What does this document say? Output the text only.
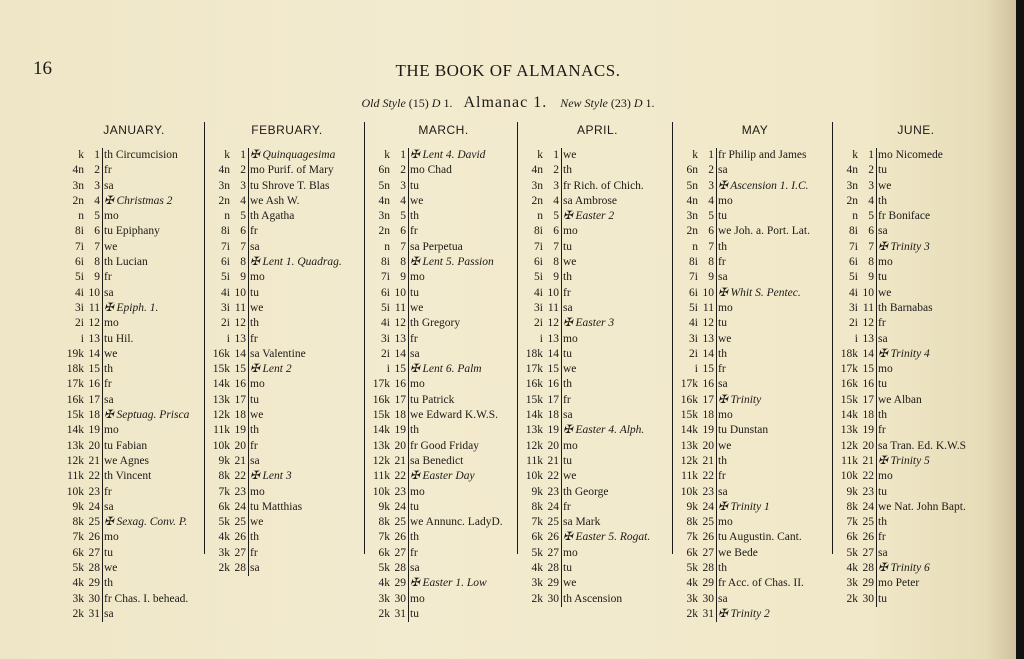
16	THE BOOK OF ALMANACS.
Old Style (15) D 1. Almanac 1. New Style (23) D 1.
JANUARY.
k 1 th Circumcision
4n 2 fr
3n 3 sa
2n 4 ✠ Christmas 2
n 5 mo
8i 6 tu Epiphany
7i 7 we
6i 8 th Lucian
5i 9 fr
4i 10 sa
3i 11 ✠ Epiph. 1.
2i 12 mo
i 13 tu Hil.
19k 14 we
18k 15 th
17k 16 fr
16k 17 sa
15k 18 ✠ Septuag. Prisca
14k 19 mo
13k 20 tu Fabian
12k 21 we Agnes
11k 22 th Vincent
10k 23 fr
9k 24 sa
8k 25 ✠ Sexag. Conv. P.
7k 26 mo
6k 27 tu
5k 28 we
4k 29 th
3k 30 fr Chas. I. behead.
2k 31 sa
FEBRUARY.
k 1 ✠ Quinquagesima
4n 2 mo Purif. of Mary
3n 3 tu Shrove T. Blas
2n 4 we Ash W.
n 5 th Agatha
8i 6 fr
7i 7 sa
6i 8 ✠ Lent 1. Quadrag.
5i 9 mo
4i 10 tu
3i 11 we
2i 12 th
i 13 fr
16k 14 sa Valentine
15k 15 ✠ Lent 2
14k 16 mo
13k 17 tu
12k 18 we
11k 19 th
10k 20 fr
9k 21 sa
8k 22 ✠ Lent 3
7k 23 mo
6k 24 tu Matthias
5k 25 we
4k 26 th
3k 27 fr
2k 28 sa
MARCH.
k 1 ✠ Lent 4. David
6n 2 mo Chad
5n 3 tu
4n 4 we
3n 5 th
2n 6 fr
n 7 sa Perpetua
8i 8 ✠ Lent 5. Passion
7i 9 mo
6i 10 tu
5i 11 we
4i 12 th Gregory
3i 13 fr
2i 14 sa
i 15 ✠ Lent 6. Palm
17k 16 mo
16k 17 tu Patrick
15k 18 we Edward K.W.S.
14k 19 th
13k 20 fr Good Friday
12k 21 sa Benedict
11k 22 ✠ Easter Day
10k 23 mo
9k 24 tu
8k 25 we Annunc. LadyD.
7k 26 th
6k 27 fr
5k 28 sa
4k 29 ✠ Easter 1. Low
3k 30 mo
2k 31 tu
APRIL.
k 1 we
4n 2 th
3n 3 fr Rich. of Chich.
2n 4 sa Ambrose
n 5 ✠ Easter 2
8i 6 mo
7i 7 tu
6i 8 we
5i 9 th
4i 10 fr
3i 11 sa
2i 12 ✠ Easter 3
i 13 mo
18k 14 tu
17k 15 we
16k 16 th
15k 17 fr
14k 18 sa
13k 19 ✠ Easter 4. Alph.
12k 20 mo
11k 21 tu
10k 22 we
9k 23 th George
8k 24 fr
7k 25 sa Mark
6k 26 ✠ Easter 5. Rogat.
5k 27 mo
4k 28 tu
3k 29 we
2k 30 th Ascension
MAY
k 1 fr Philip and James
6n 2 sa
5n 3 ✠ Ascension 1. I.C.
4n 4 mo
3n 5 tu
2n 6 we Joh. a. Port. Lat.
n 7 th
8i 8 fr
7i 9 sa
6i 10 ✠ Whit S. Pentec.
5i 11 mo
4i 12 tu
3i 13 we
2i 14 th
i 15 fr
17k 16 sa
16k 17 ✠ Trinity
15k 18 mo
14k 19 tu Dunstan
13k 20 we
12k 21 th
11k 22 fr
10k 23 sa
9k 24 ✠ Trinity 1
8k 25 mo
7k 26 tu Augustin. Cant.
6k 27 we Bede
5k 28 th
4k 29 fr Acc. of Chas. II.
3k 30 sa
2k 31 ✠ Trinity 2
JUNE.
k 1 mo Nicomede
4n 2 tu
3n 3 we
2n 4 th
n 5 fr Boniface
8i 6 sa
7i 7 ✠ Trinity 3
6i 8 mo
5i 9 tu
4i 10 we
3i 11 th Barnabas
2i 12 fr
i 13 sa
18k 14 ✠ Trinity 4
17k 15 mo
16k 16 tu
15k 17 we Alban
14k 18 th
13k 19 fr
12k 20 sa Tran. Ed. K.W.S
11k 21 ✠ Trinity 5
10k 22 mo
9k 23 tu
8k 24 we Nat. John Bapt.
7k 25 th
6k 26 fr
5k 27 sa
4k 28 ✠ Trinity 6
3k 29 mo Peter
2k 30 tu
